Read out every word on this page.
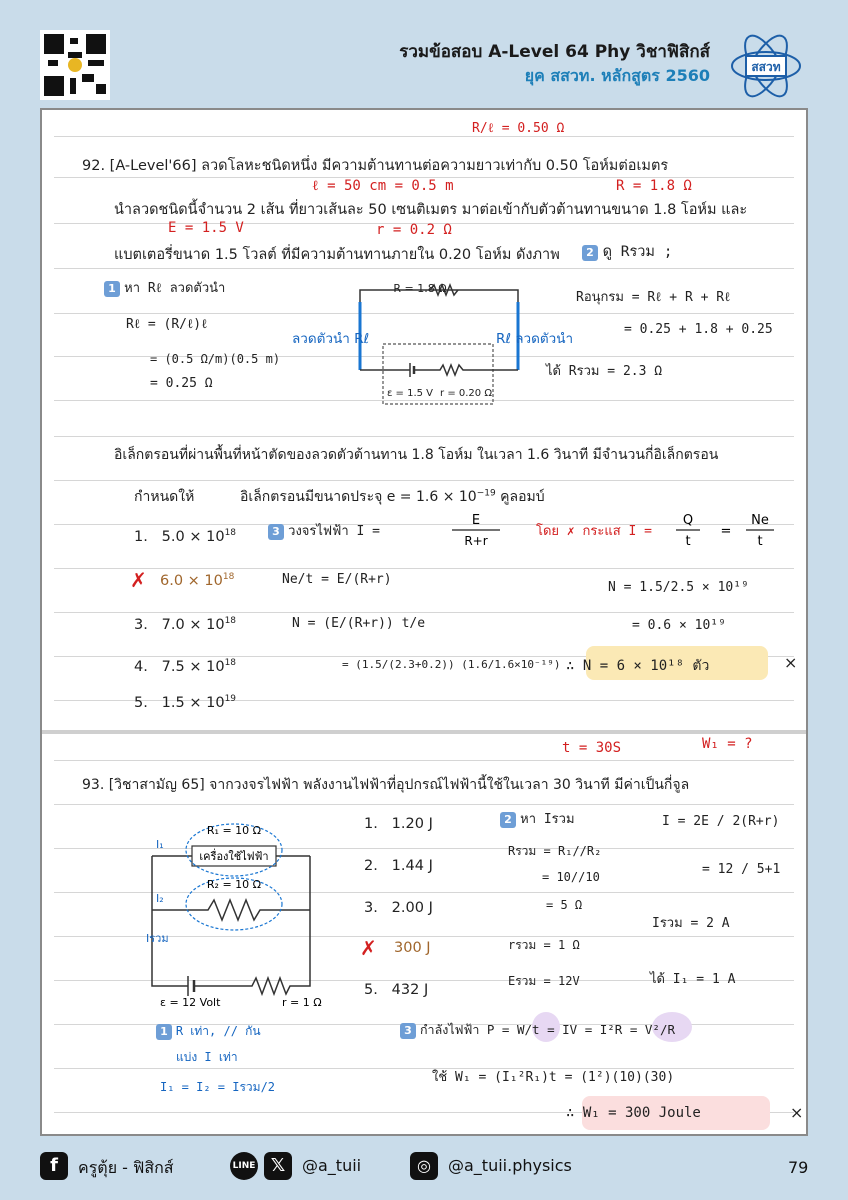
รวมข้อสอบ A-Level 64 Phy วิชาฟิสิกส์
ยุค สสวท. หลักสูตร 2560	สสวท
R/ℓ = 0.50 Ω
92. [A-Level'66] ลวดโลหะชนิดหนึ่ง มีความต้านทานต่อความยาวเท่ากับ 0.50 โอห์มต่อเมตร
ℓ = 50 cm = 0.5 m	R = 1.8 Ω
นำลวดชนิดนี้จำนวน 2 เส้น ที่ยาวเส้นละ 50 เซนติเมตร มาต่อเข้ากับตัวต้านทานขนาด 1.8 โอห์ม และ
E = 1.5 V	r = 0.2 Ω
แบตเตอรี่ขนาด 1.5 โวลต์ ที่มีความต้านทานภายใน 0.20 โอห์ม ดังภาพ	2 ดู Rรวม ;
1 หา Rℓ ลวดตัวนำ
Rℓ = (R/ℓ)ℓ
= (0.5 Ω/m)(0.5 m)
= 0.25 Ω
R = 1.8 Ω
ε = 1.5 V r = 0.20 Ω
ลวดตัวนำ Rℓ	Rℓ ลวดตัวนำ
Rอนุกรม = Rℓ + R + Rℓ
= 0.25 + 1.8 + 0.25
ได้ Rรวม = 2.3 Ω
อิเล็กตรอนที่ผ่านพื้นที่หน้าตัดของลวดตัวต้านทาน 1.8 โอห์ม ในเวลา 1.6 วินาที มีจำนวนกี่อิเล็กตรอน
กำหนดให้	อิเล็กตรอนมีขนาดประจุ $e = 1.6 \times 10^{-19}$ คูลอมบ์
1. $5.0 \times 10^{18}$
✗ $6.0 \times 10^{18}$
3. $7.0 \times 10^{18}$
4. $7.5 \times 10^{18}$
5. $1.5 \times 10^{19}$
3 วงจรไฟฟ้า I =
E
R+r
โดย ✗ กระแส I =
Q
t
=
Ne
t
Ne/t = E/(R+r)
N = (E/(R+r)) t/e
= (1.5/(2.3+0.2)) (1.6/1.6×10⁻¹⁹)
N = 1.5/2.5 × 10¹⁹
= 0.6 × 10¹⁹
∴ N = 6 × 10¹⁸ ตัว	⨯
t = 30S	W₁ = ?
93. [วิชาสามัญ 65] จากวงจรไฟฟ้า พลังงานไฟฟ้าที่อุปกรณ์ไฟฟ้านี้ใช้ในเวลา 30 วินาที มีค่าเป็นกี่จูล
เครื่องใช้ไฟฟ้า
R₁ = 10 Ω
R₂ = 10 Ω
I₁
I₂
Iรวม
ε = 12 Volt	r = 1 Ω
1. 1.20 J
2. 1.44 J
3. 2.00 J
✗ 300 J
5. 432 J
2 หา Iรวม
Rรวม = R₁//R₂
= 10//10
= 5 Ω
rรวม = 1 Ω
Eรวม = 12V
I = 2E / 2(R+r)
= 12 / 5+1
Iรวม = 2 A
ได้ I₁ = 1 A
1 R เท่า, // กัน
แบ่ง I เท่า
I₁ = I₂ = Iรวม/2
3 กำลังไฟฟ้า P = W/t = IV = I²R = V²/R
ใช้ W₁ = (I₁²R₁)t = (1²)(10)(30)
∴ W₁ = 300 Joule	⨯
f	ครูตุ้ย - ฟิสิกส์	LINE 𝕏	@a_tuii	◎	@a_tuii.physics	79
